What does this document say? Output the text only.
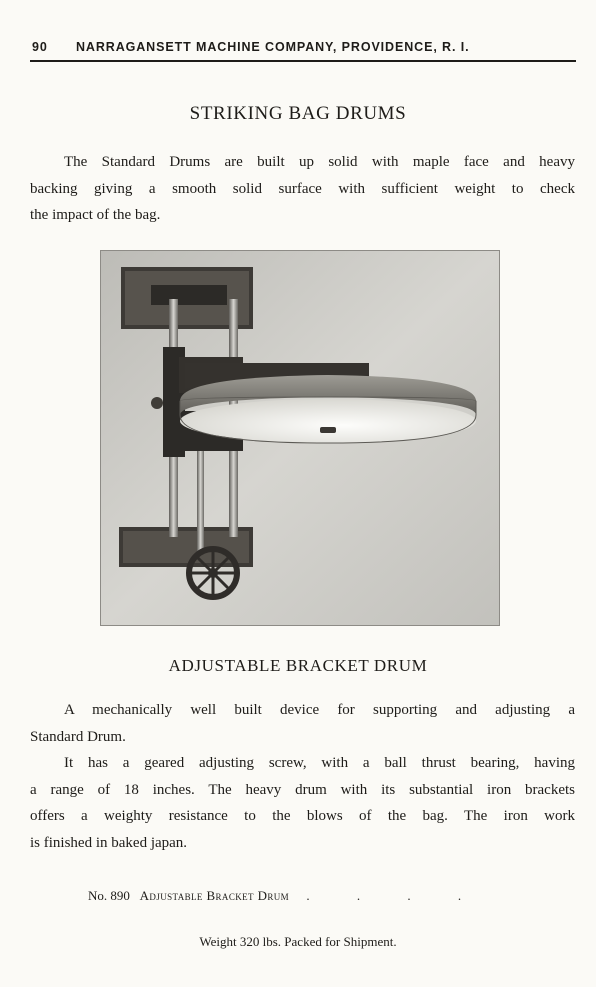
90 NARRAGANSETT MACHINE COMPANY, PROVIDENCE, R. I.
STRIKING BAG DRUMS
The Standard Drums are built up solid with maple face and heavy
backing giving a smooth solid surface with sufficient weight to check
the impact of the bag.
ADJUSTABLE BRACKET DRUM
A mechanically well built device for supporting and adjusting a
Standard Drum.
It has a geared adjusting screw, with a ball thrust bearing, having
a range of 18 inches. The heavy drum with its substantial iron brackets
offers a weighty resistance to the blows of the bag. The iron work
is finished in baked japan.
No. 890 Adjustable Bracket Drum . . . .
Weight 320 lbs. Packed for Shipment.
